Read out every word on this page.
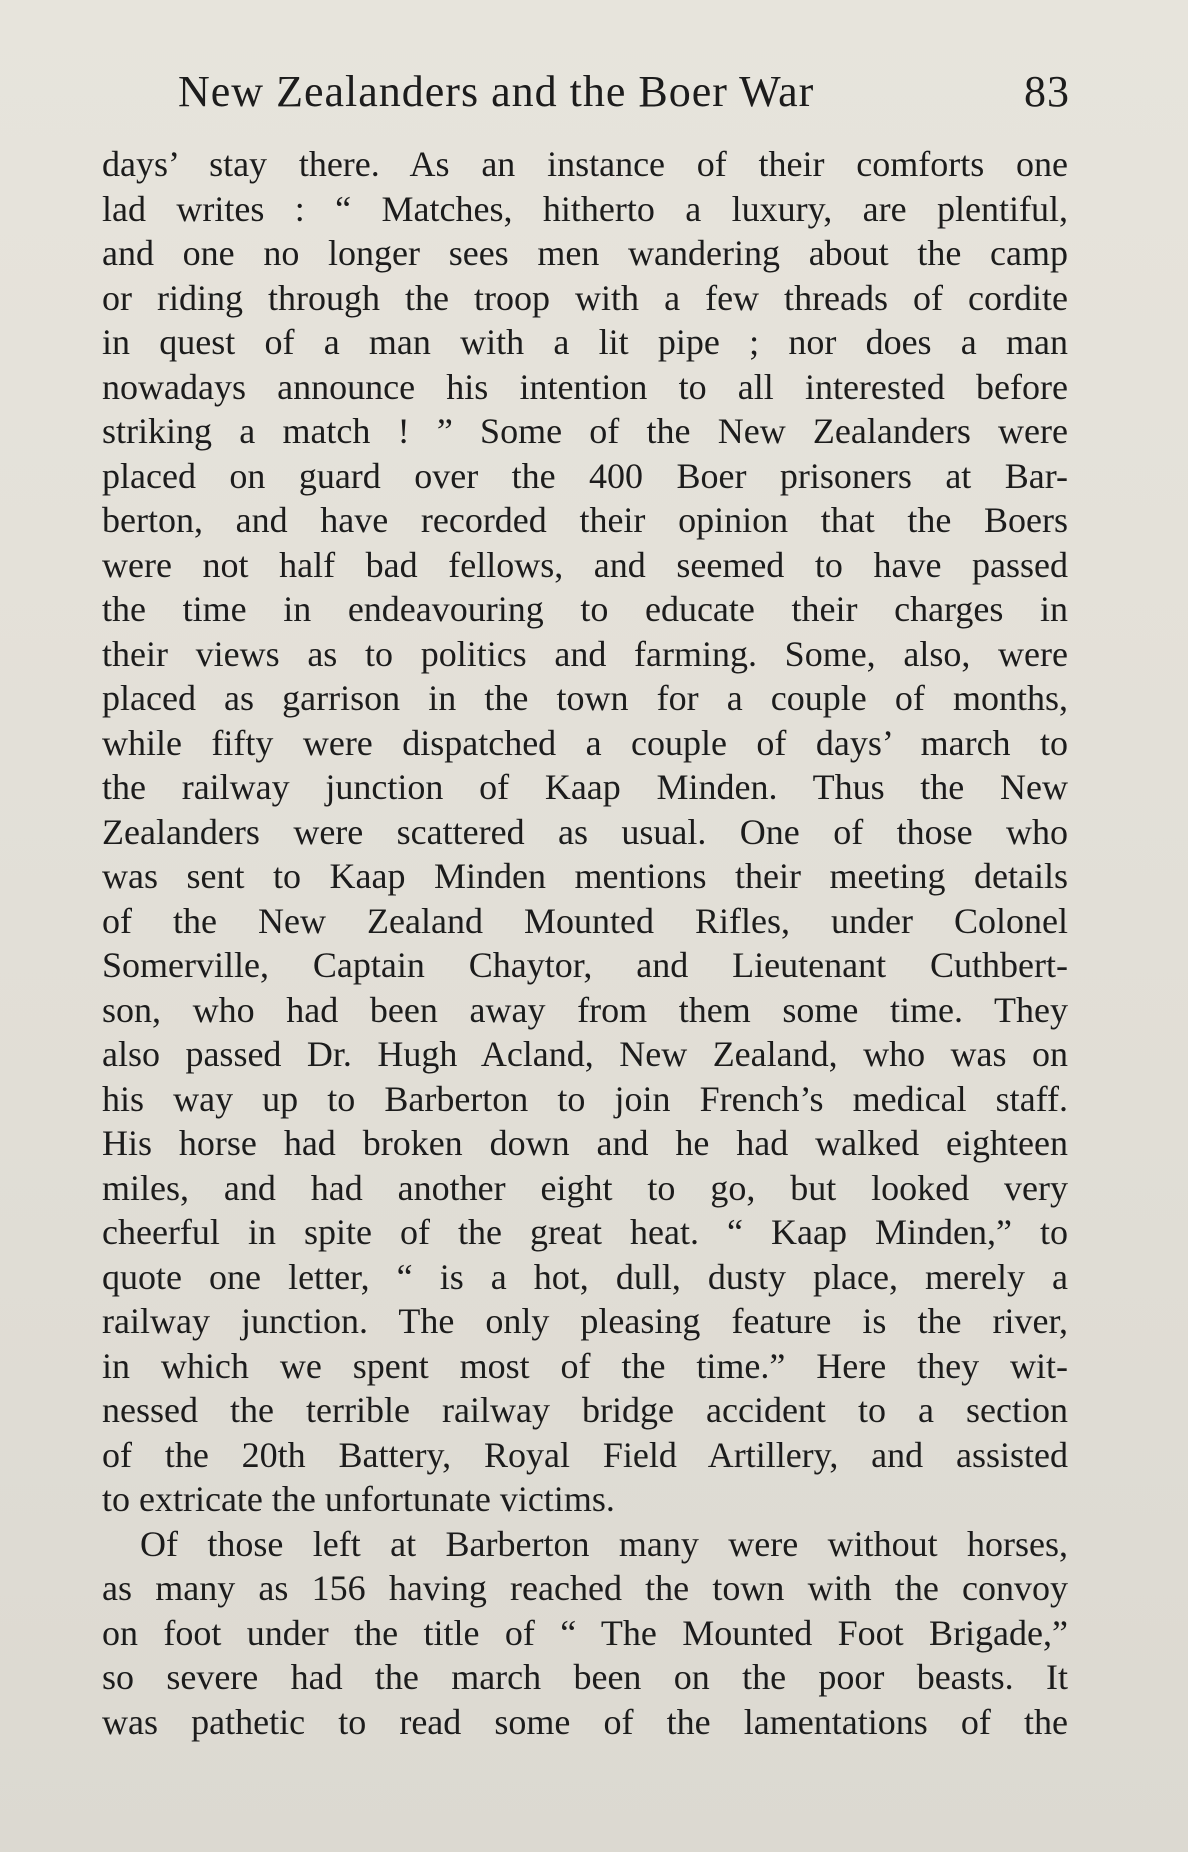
New Zealanders and the Boer War	83
days’ stay there. As an instance of their comforts one
lad writes : “ Matches, hitherto a luxury, are plentiful,
and one no longer sees men wandering about the camp
or riding through the troop with a few threads of cordite
in quest of a man with a lit pipe ; nor does a man
nowadays announce his intention to all interested before
striking a match ! ” Some of the New Zealanders were
placed on guard over the 400 Boer prisoners at Bar-
berton, and have recorded their opinion that the Boers
were not half bad fellows, and seemed to have passed
the time in endeavouring to educate their charges in
their views as to politics and farming. Some, also, were
placed as garrison in the town for a couple of months,
while fifty were dispatched a couple of days’ march to
the railway junction of Kaap Minden. Thus the New
Zealanders were scattered as usual. One of those who
was sent to Kaap Minden mentions their meeting details
of the New Zealand Mounted Rifles, under Colonel
Somerville, Captain Chaytor, and Lieutenant Cuthbert-
son, who had been away from them some time. They
also passed Dr. Hugh Acland, New Zealand, who was on
his way up to Barberton to join French’s medical staff.
His horse had broken down and he had walked eighteen
miles, and had another eight to go, but looked very
cheerful in spite of the great heat. “ Kaap Minden,” to
quote one letter, “ is a hot, dull, dusty place, merely a
railway junction. The only pleasing feature is the river,
in which we spent most of the time.” Here they wit-
nessed the terrible railway bridge accident to a section
of the 20th Battery, Royal Field Artillery, and assisted
to extricate the unfortunate victims.
Of those left at Barberton many were without horses,
as many as 156 having reached the town with the convoy
on foot under the title of “ The Mounted Foot Brigade,”
so severe had the march been on the poor beasts. It
was pathetic to read some of the lamentations of the
